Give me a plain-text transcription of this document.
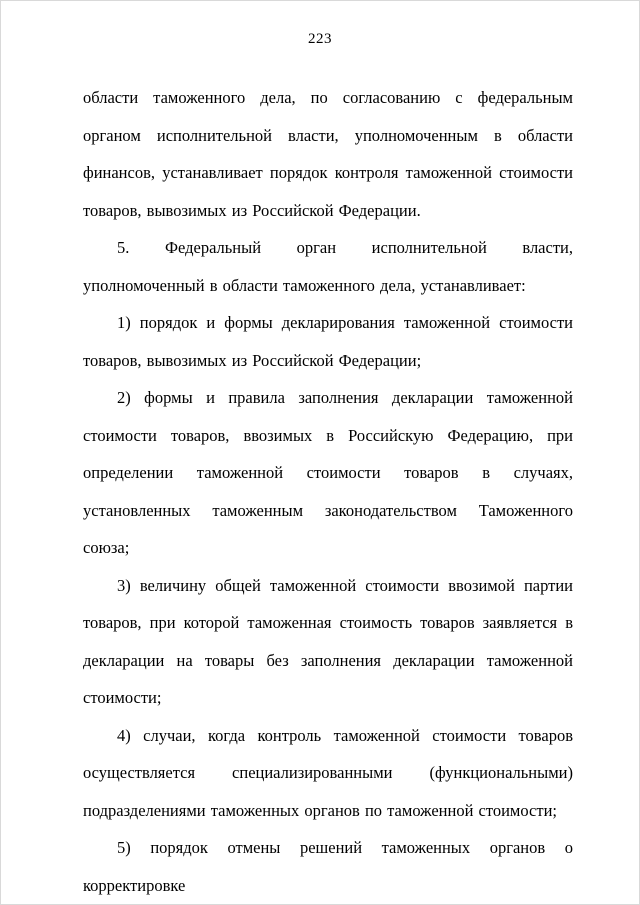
223

области таможенного дела, по согласованию с федеральным органом исполнительной власти, уполномоченным в области финансов, устанавливает порядок контроля таможенной стоимости товаров, вывозимых из Российской Федерации.

5. Федеральный орган исполнительной власти, уполномоченный в области таможенного дела, устанавливает:

1) порядок и формы декларирования таможенной стоимости товаров, вывозимых из Российской Федерации;

2) формы и правила заполнения декларации таможенной стоимости товаров, ввозимых в Российскую Федерацию, при определении таможенной стоимости товаров в случаях, установленных таможенным законодательством Таможенного союза;

3) величину общей таможенной стоимости ввозимой партии товаров, при которой таможенная стоимость товаров заявляется в декларации на товары без заполнения декларации таможенной стоимости;

4) случаи, когда контроль таможенной стоимости товаров осуществляется специализированными (функциональными) подразделениями таможенных органов по таможенной стоимости;

5) порядок отмены решений таможенных органов о корректировке
